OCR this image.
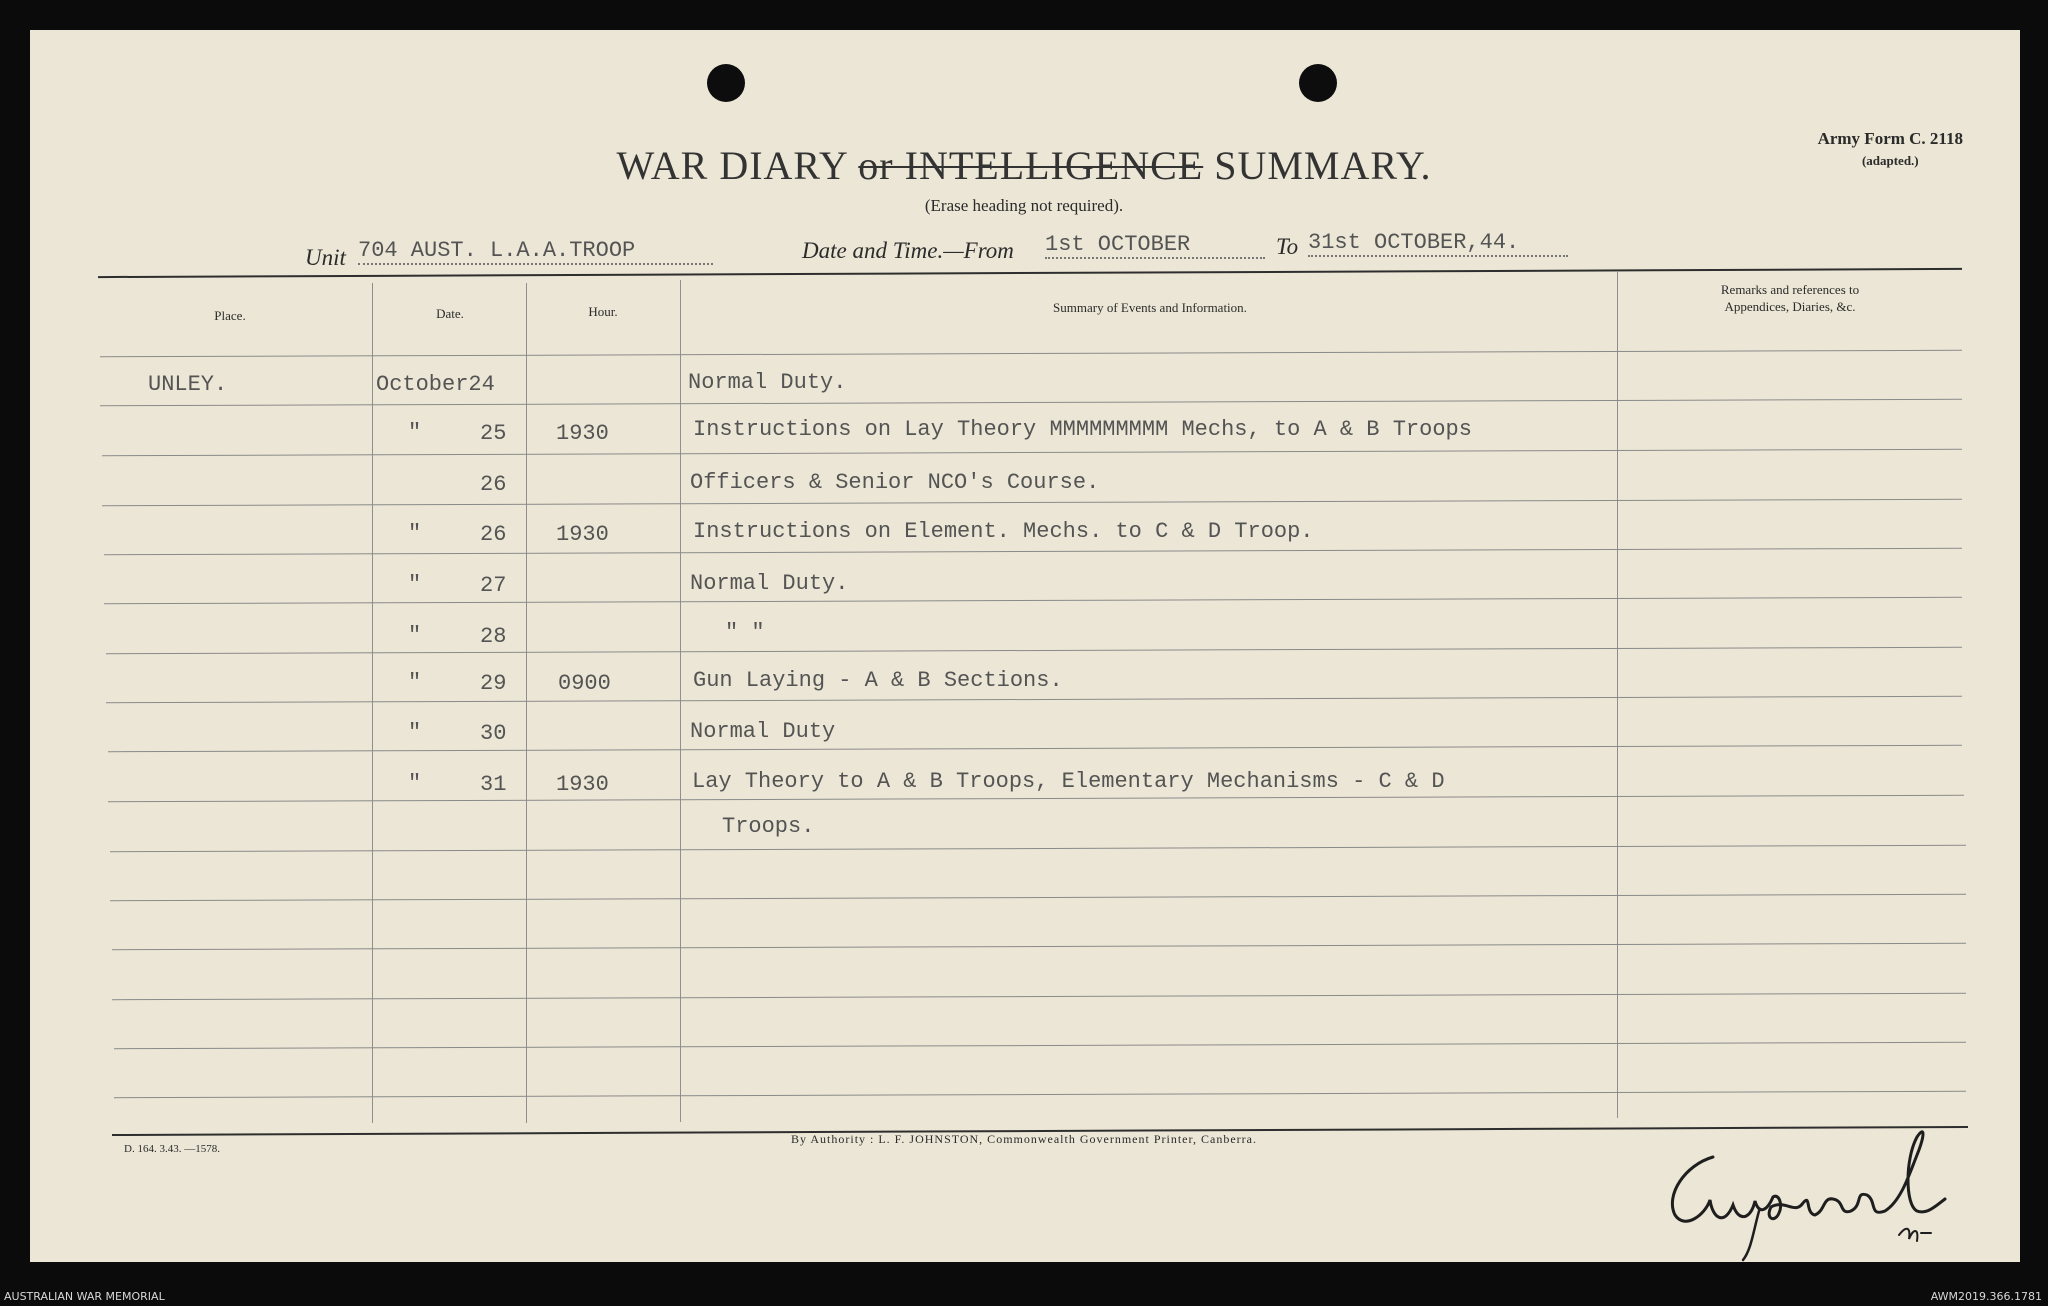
WAR DIARY or INTELLIGENCE SUMMARY.
(Erase heading not required).
Army Form C. 2118
(adapted.)
Unit 704 AUST. L.A.A.TROOP	Date and Time.—From 1st OCTOBER	To 31st OCTOBER,44.
Place.	Date.	Hour.	Summary of Events and Information.
Remarks and references to
Appendices, Diaries, &c.
UNLEY.	October24	Normal Duty.
"	25 1930	Instructions on Lay Theory MMMMMMMMM Mechs, to A & B Troops
26	Officers & Senior NCO's Course.
"	26 1930	Instructions on Element. Mechs. to C & D Troop.
"	27	Normal Duty.
"	28	" "
"	29 0900	Gun Laying - A & B Sections.
"	30	Normal Duty
"	31 1930	Lay Theory to A & B Troops, Elementary Mechanisms - C & D
Troops.
D. 164. 3.43. —1578.
By Authority : L. F. JOHNSTON, Commonwealth Government Printer, Canberra.
AUSTRALIAN WAR MEMORIAL	AWM2019.366.1781
